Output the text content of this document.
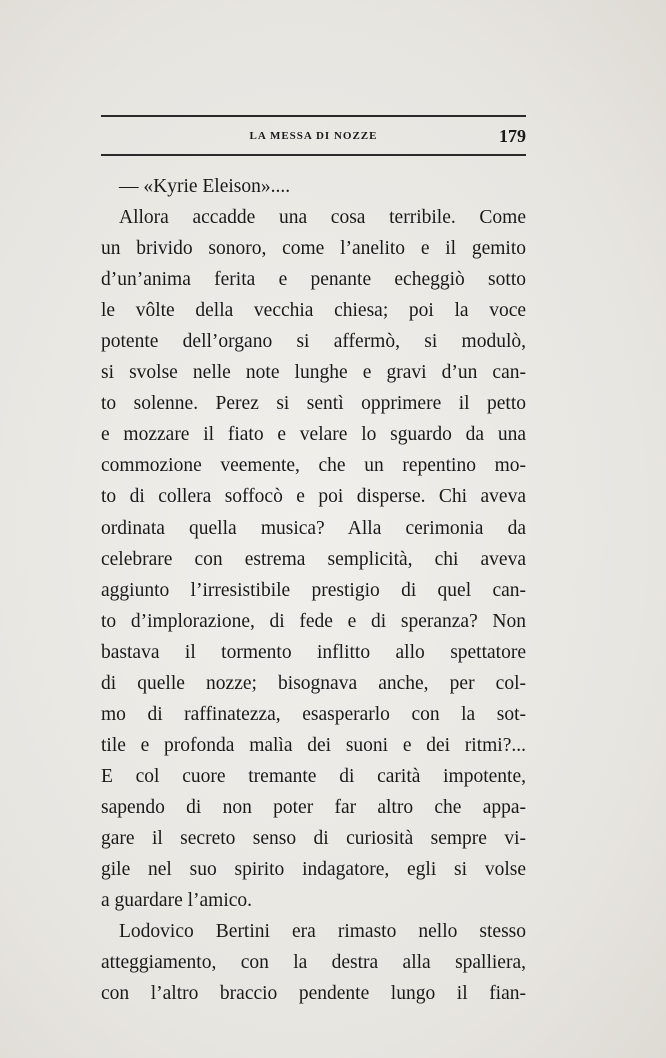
LA MESSA DI NOZZE	179
— «Kyrie Eleison»....
Allora accadde una cosa terribile. Come
un brivido sonoro, come l’anelito e il gemito
d’un’anima ferita e penante echeggiò sotto
le vôlte della vecchia chiesa; poi la voce
potente dell’organo si affermò, si modulò,
si svolse nelle note lunghe e gravi d’un can-
to solenne. Perez si sentì opprimere il petto
e mozzare il fiato e velare lo sguardo da una
commozione veemente, che un repentino mo-
to di collera soffocò e poi disperse. Chi aveva
ordinata quella musica? Alla cerimonia da
celebrare con estrema semplicità, chi aveva
aggiunto l’irresistibile prestigio di quel can-
to d’implorazione, di fede e di speranza? Non
bastava il tormento inflitto allo spettatore
di quelle nozze; bisognava anche, per col-
mo di raffinatezza, esasperarlo con la sot-
tile e profonda malìa dei suoni e dei ritmi?...
E col cuore tremante di carità impotente,
sapendo di non poter far altro che appa-
gare il secreto senso di curiosità sempre vi-
gile nel suo spirito indagatore, egli si volse
a guardare l’amico.
Lodovico Bertini era rimasto nello stesso
atteggiamento, con la destra alla spalliera,
con l’altro braccio pendente lungo il fian-
